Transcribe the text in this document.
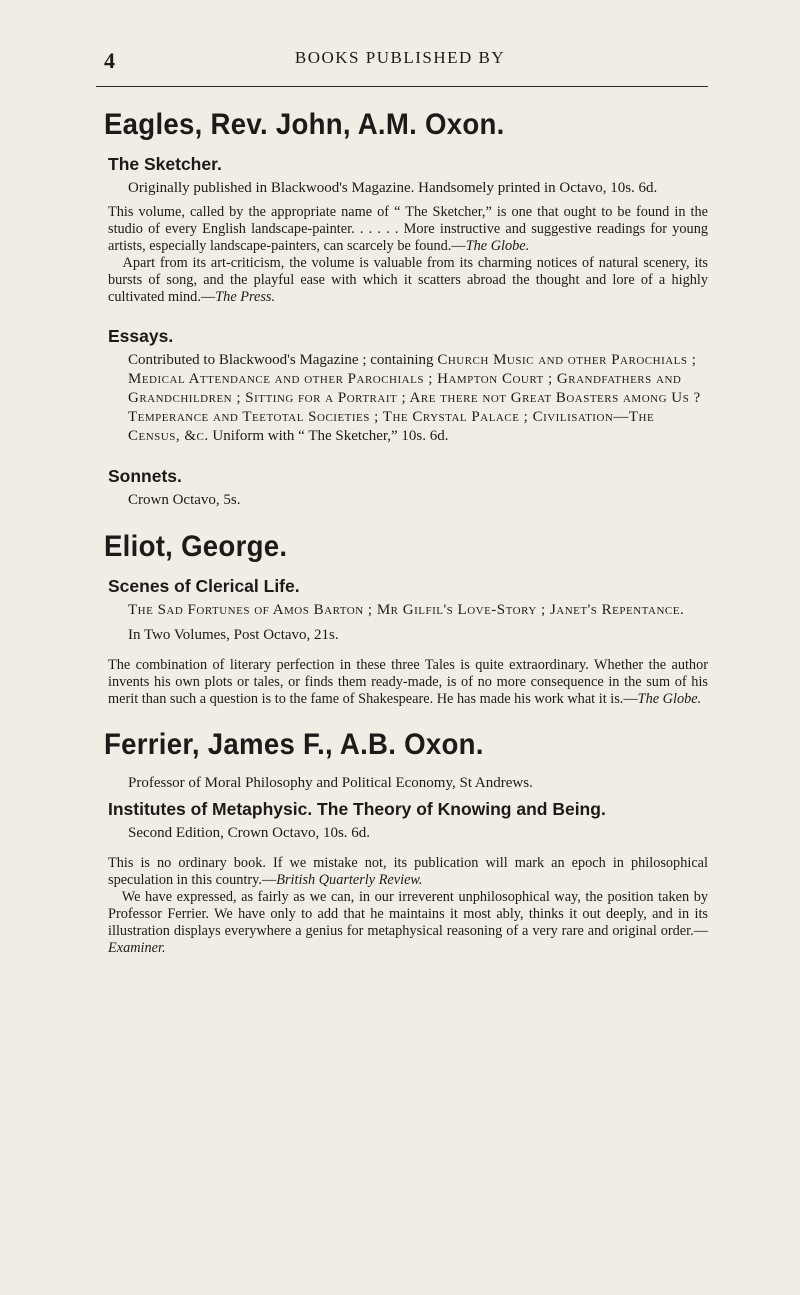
4	BOOKS PUBLISHED BY
Eagles, Rev. John, A.M. Oxon.
The Sketcher.

Originally published in Blackwood's Magazine. Handsomely printed in Octavo, 10s. 6d.

This volume, called by the appropriate name of “ The Sketcher,” is one that ought to be found in the studio of every English landscape-painter. . . . . . More instructive and suggestive readings for young artists, especially landscape-painters, can scarcely be found.—The Globe.

Apart from its art-criticism, the volume is valuable from its charming notices of natural scenery, its bursts of song, and the playful ease with which it scatters abroad the thought and lore of a highly cultivated mind.—The Press.

Essays.

Contributed to Blackwood's Magazine ; containing Church Music and other Parochials ; Medical Attendance and other Parochials ; Hampton Court ; Grandfathers and Grandchildren ; Sitting for a Portrait ; Are there not Great Boasters among Us ? Temperance and Teetotal Societies ; The Crystal Palace ; Civilisation—The Census, &c. Uniform with “ The Sketcher,” 10s. 6d.

Sonnets.

Crown Octavo, 5s.

Eliot, George.
Scenes of Clerical Life.

The Sad Fortunes of Amos Barton ; Mr Gilfil's Love-Story ; Janet's Repentance.

In Two Volumes, Post Octavo, 21s.

The combination of literary perfection in these three Tales is quite extraordinary. Whether the author invents his own plots or tales, or finds them ready-made, is of no more consequence in the sum of his merit than such a question is to the fame of Shakespeare. He has made his work what it is.—The Globe.

Ferrier, James F., A.B. Oxon.

Professor of Moral Philosophy and Political Economy, St Andrews.

Institutes of Metaphysic. The Theory of Knowing and Being.

Second Edition, Crown Octavo, 10s. 6d.

This is no ordinary book. If we mistake not, its publication will mark an epoch in philosophical speculation in this country.—British Quarterly Review.

We have expressed, as fairly as we can, in our irreverent unphilosophical way, the position taken by Professor Ferrier. We have only to add that he maintains it most ably, thinks it out deeply, and in its illustration displays everywhere a genius for metaphysical reasoning of a very rare and original order.—Examiner.
